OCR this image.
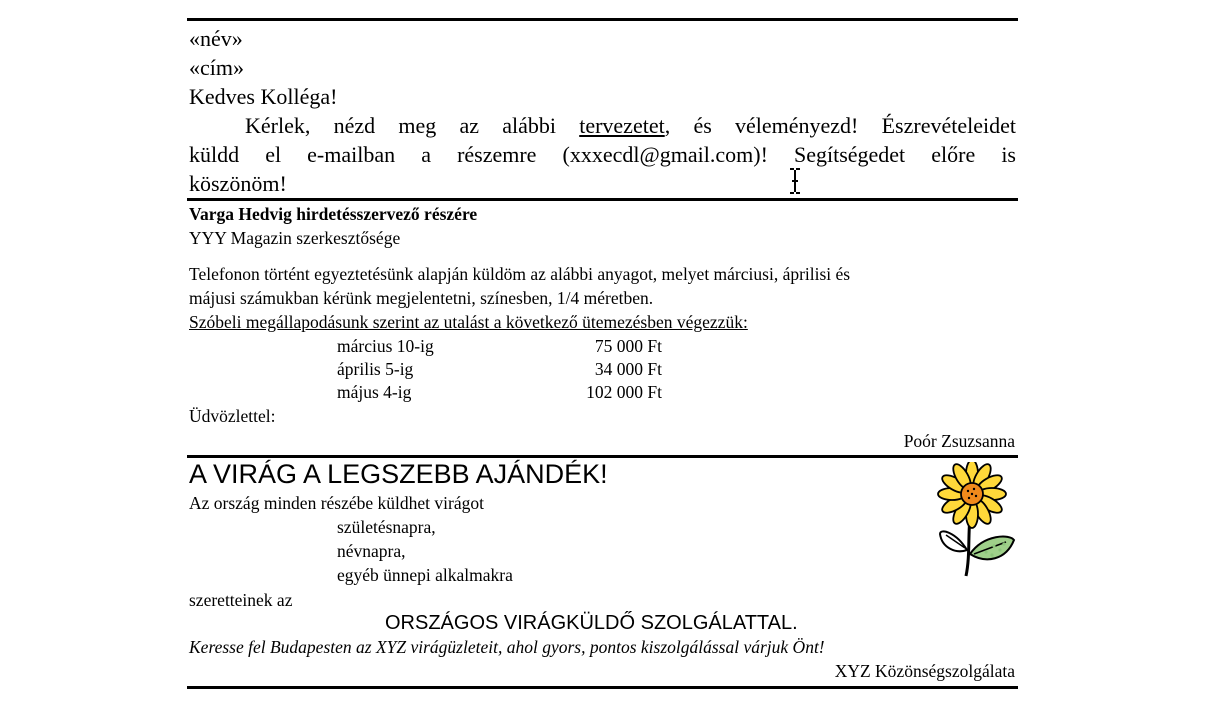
«név»
«cím»
Kedves Kolléga!
Kérlek, nézd meg az alábbi tervezetet, és véleményezd! Észrevételeidet
küldd el e-mailban a részemre (xxxecdl@gmail.com)! Segítségedet előre is
köszönöm!
Varga Hedvig hirdetésszervező részére
YYY Magazin szerkesztősége
Telefonon történt egyeztetésünk alapján küldöm az alábbi anyagot, melyet márciusi, áprilisi és
májusi számukban kérünk megjelentetni, színesben, 1/4 méretben.
Szóbeli megállapodásunk szerint az utalást a következő ütemezésben végezzük:
március 10-ig	75 000 Ft
április 5-ig	34 000 Ft
május 4-ig	102 000 Ft
Üdvözlettel:
Poór Zsuzsanna
A VIRÁG A LEGSZEBB AJÁNDÉK!
Az ország minden részébe küldhet virágot
születésnapra,
névnapra,
egyéb ünnepi alkalmakra
szeretteinek az
ORSZÁGOS VIRÁGKÜLDŐ SZOLGÁLATTAL.
Keresse fel Budapesten az XYZ virágüzleteit, ahol gyors, pontos kiszolgálással várjuk Önt!
XYZ Közönségszolgálata
